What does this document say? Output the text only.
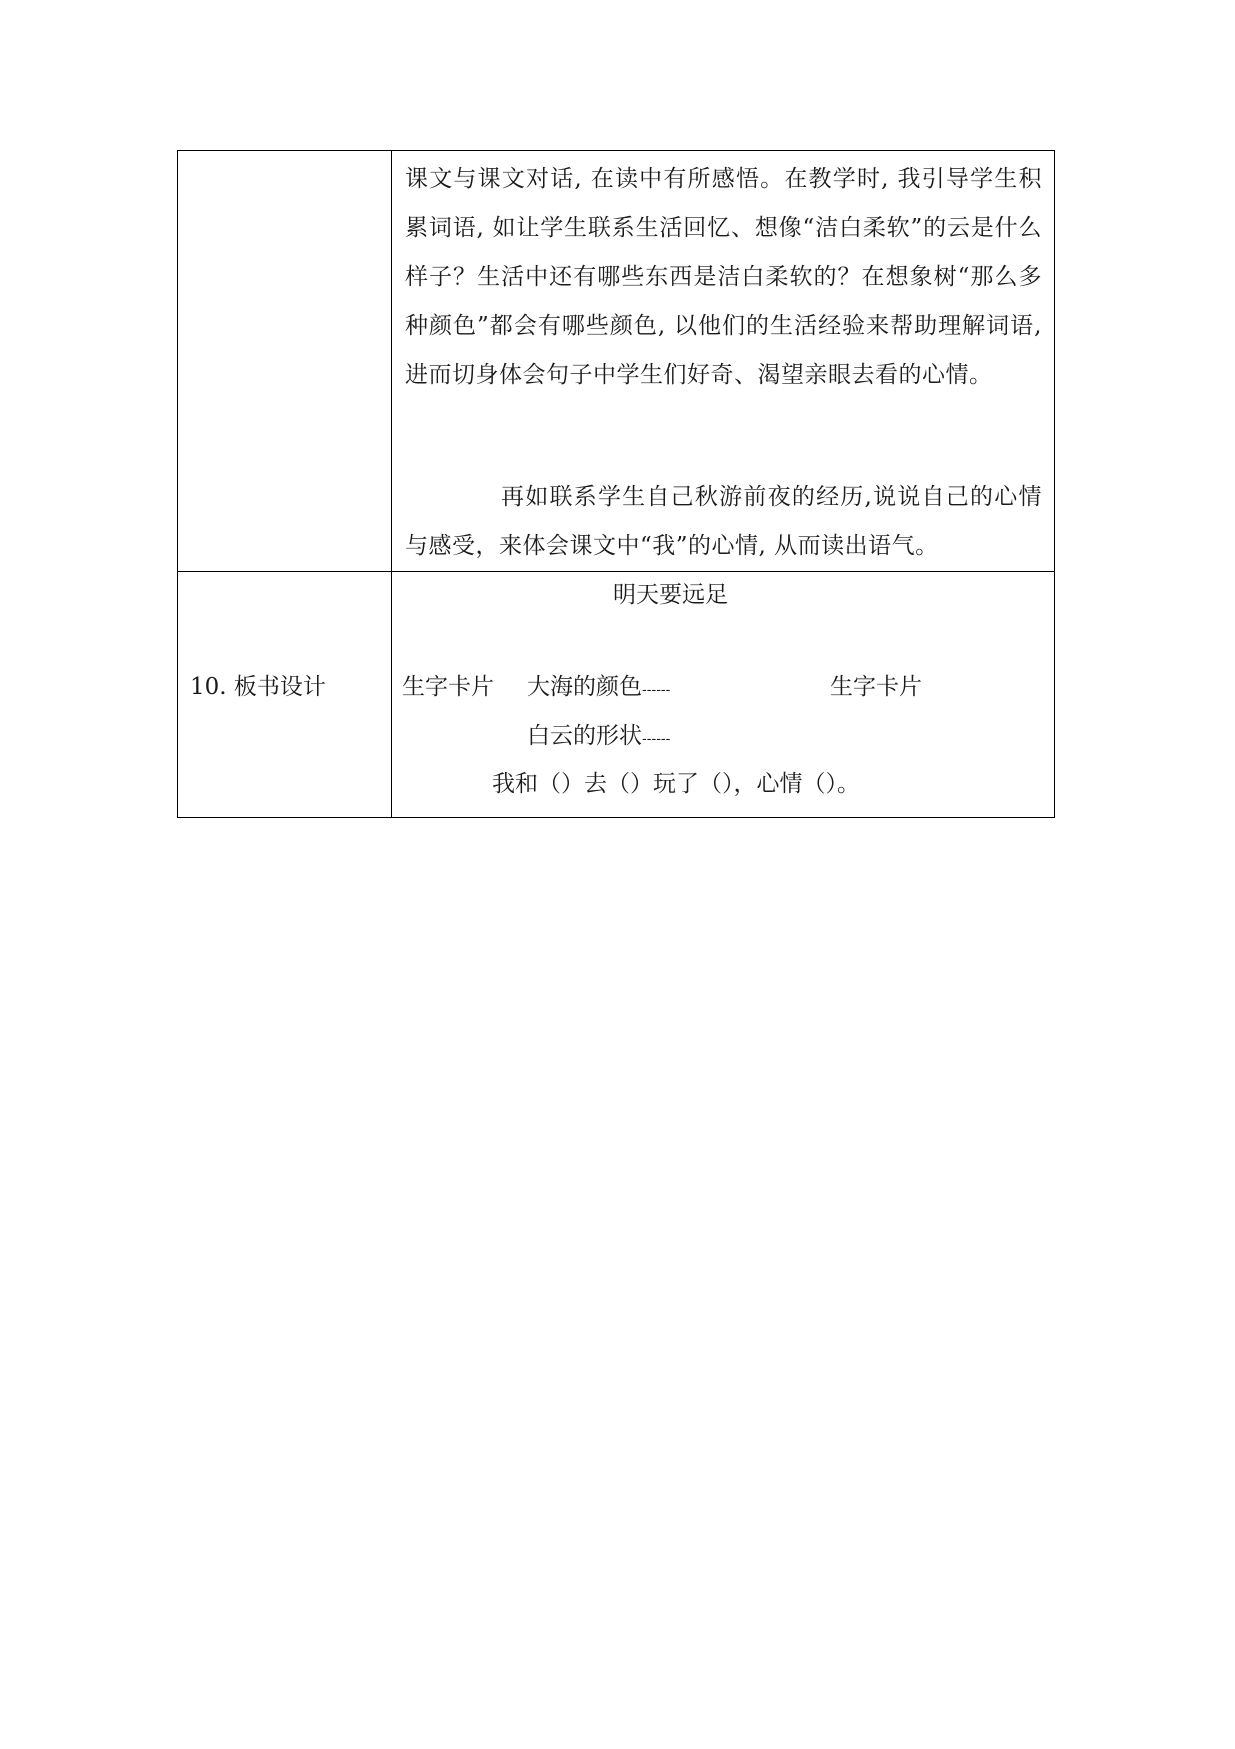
课文与课文对话, 在读中有所感悟。在教学时, 我引导学生积累词语, 如让学生联系生活回忆、想像“洁白柔软”的云是什么样子？生活中还有哪些东西是洁白柔软的？在想象树“那么多种颜色”都会有哪些颜色, 以他们的生活经验来帮助理解词语, 进而切身体会句子中学生们好奇、渴望亲眼去看的心情。

再如联系学生自己秋游前夜的经历,说说自己的心情与感受，来体会课文中“我”的心情, 从而读出语气。

10. 板书设计
明天要远足
生字卡片 大海的颜色------	生字卡片
白云的形状------
我和（）去（）玩了（），心情（）。
